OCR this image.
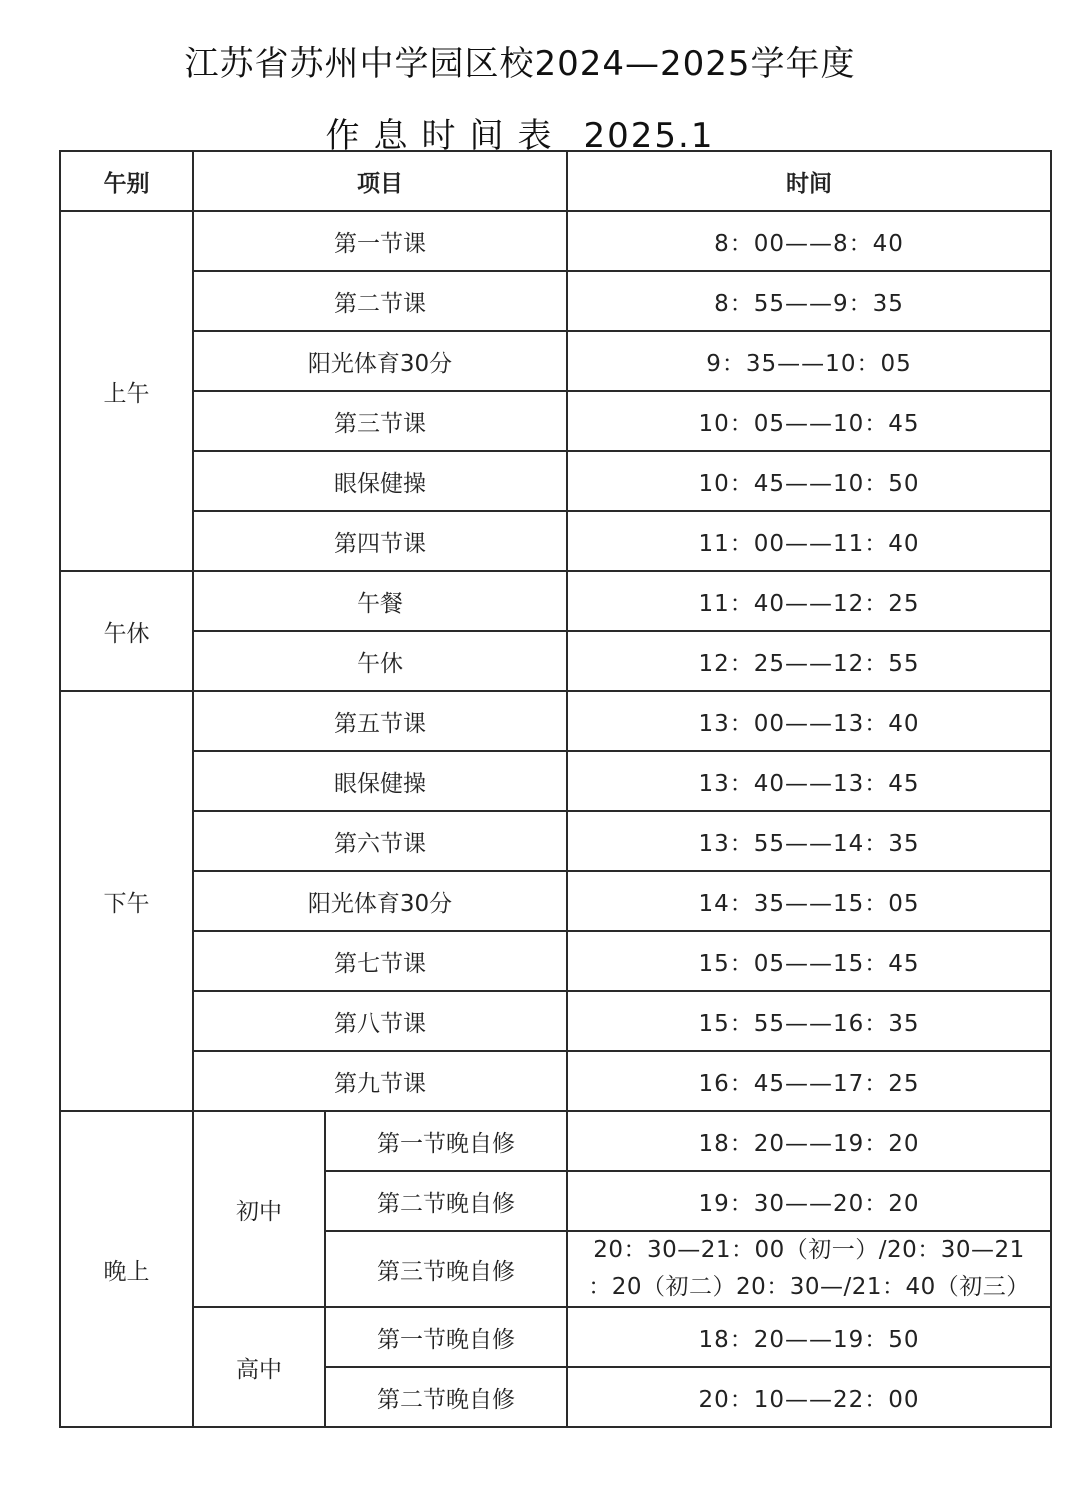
江苏省苏州中学园区校2024—2025学年度
作息时间表 2025.1
午别	项目		时间
上午	第一节课		8：00——8：40
	第二节课		8：55——9：35
	阳光体育30分		9：35——10：05
	第三节课		10：05——10：45
	眼保健操		10：45——10：50
	第四节课		11：00——11：40
午休	午餐		11：40——12：25
	午休		12：25——12：55
下午	第五节课		13：00——13：40
	眼保健操		13：40——13：45
	第六节课		13：55——14：35
	阳光体育30分		14：35——15：05
	第七节课		15：05——15：45
	第八节课		15：55——16：35
	第九节课		16：45——17：25
晚上	初中	第一节晚自修	18：20——19：20
		第二节晚自修	19：30——20：20
		第三节晚自修	20：30—21：00（初一）/20：30—21
：20（初二）20：30—/21：40（初三）

	高中	第一节晚自修	18：20——19：50
		第二节晚自修	20：10——22：00
